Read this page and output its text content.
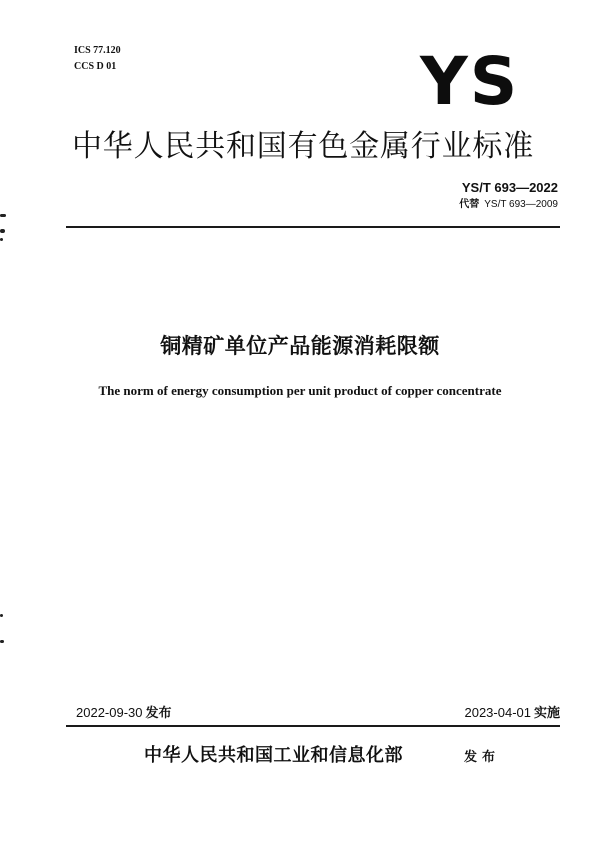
ICS 77.120
CCS D 01	YS
中华人民共和国有色金属行业标准
YS/T 693—2022
代替 YS/T 693—2009
铜精矿单位产品能源消耗限额
The norm of energy consumption per unit product of copper concentrate
2022-09-30 发布	2023-04-01 实施
中华人民共和国工业和信息化部	发布
